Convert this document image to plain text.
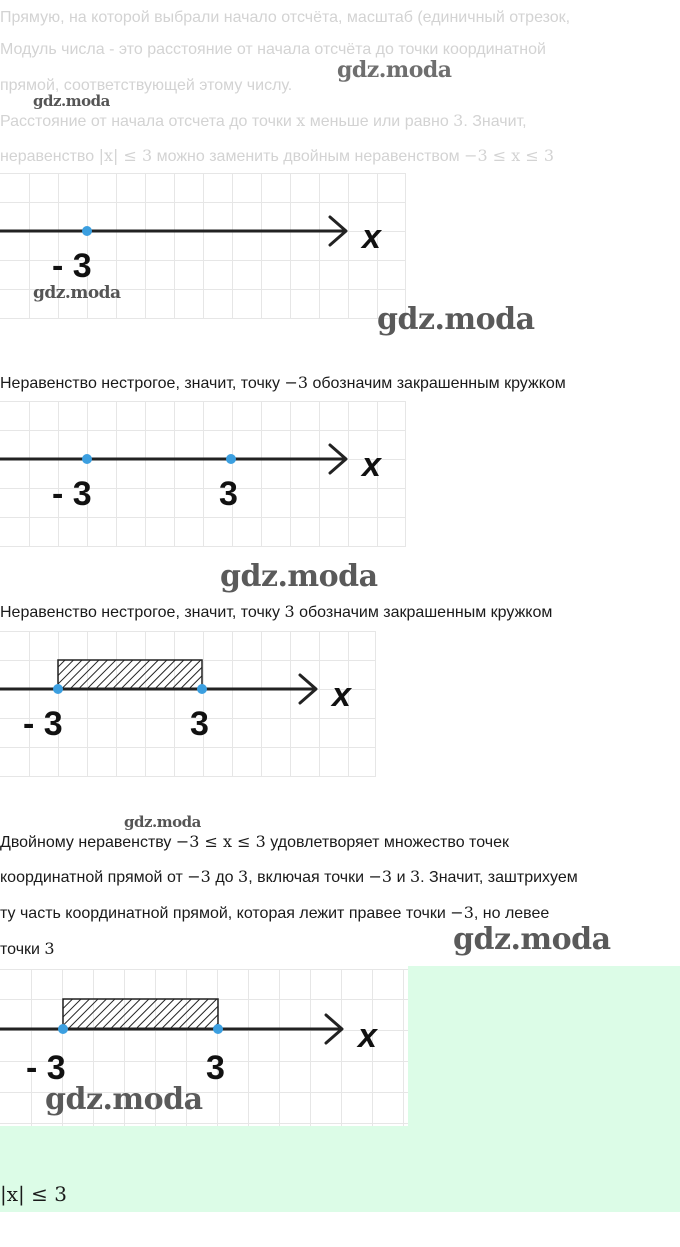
Прямую, на которой выбрали начало отсчёта, масштаб (единичный отрезок,
Модуль числа - это расстояние от начала отсчёта до точки координатной
прямой, соответствующей этому числу.
Расстояние от начала отсчета до точки x меньше или равно 3. Значит,
неравенство |x| ≤ 3 можно заменить двойным неравенством −3 ≤ x ≤ 3
x
- 3
Неравенство нестрогое, значит, точку −3 обозначим закрашенным кружком
x
- 3	3
Неравенство нестрогое, значит, точку 3 обозначим закрашенным кружком
x
- 3	3
Двойному неравенству −3 ≤ x ≤ 3 удовлетворяет множество точек
координатной прямой от −3 до 3, включая точки −3 и 3. Значит, заштрихуем
ту часть координатной прямой, которая лежит правее точки −3, но левее
точки 3
x
- 3	3
|x| ≤ 3
gdz.moda
gdz.moda
gdz.moda
gdz.moda
gdz.moda
gdz.moda
gdz.moda
gdz.moda
